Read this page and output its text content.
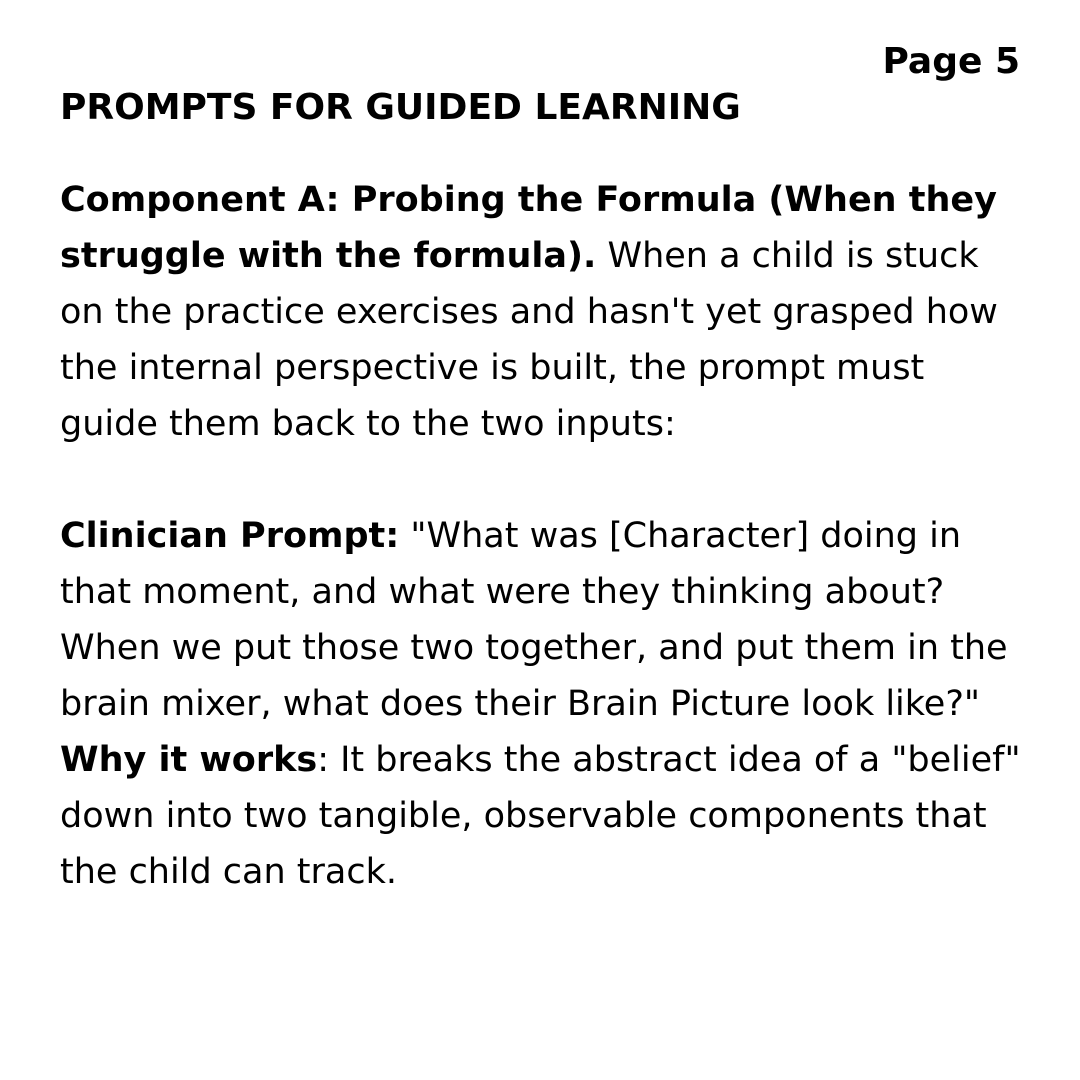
Page 5
PROMPTS FOR GUIDED LEARNING

Component A: Probing the Formula (When they struggle with the formula). When a child is stuck on the practice exercises and hasn't yet grasped how the internal perspective is built, the prompt must guide them back to the two inputs:

Clinician Prompt: "What was [Character] doing in that moment, and what were they thinking about? When we put those two together, and put them in the brain mixer, what does their Brain Picture look like?"

Why it works: It breaks the abstract idea of a "belief" down into two tangible, observable components that the child can track.
